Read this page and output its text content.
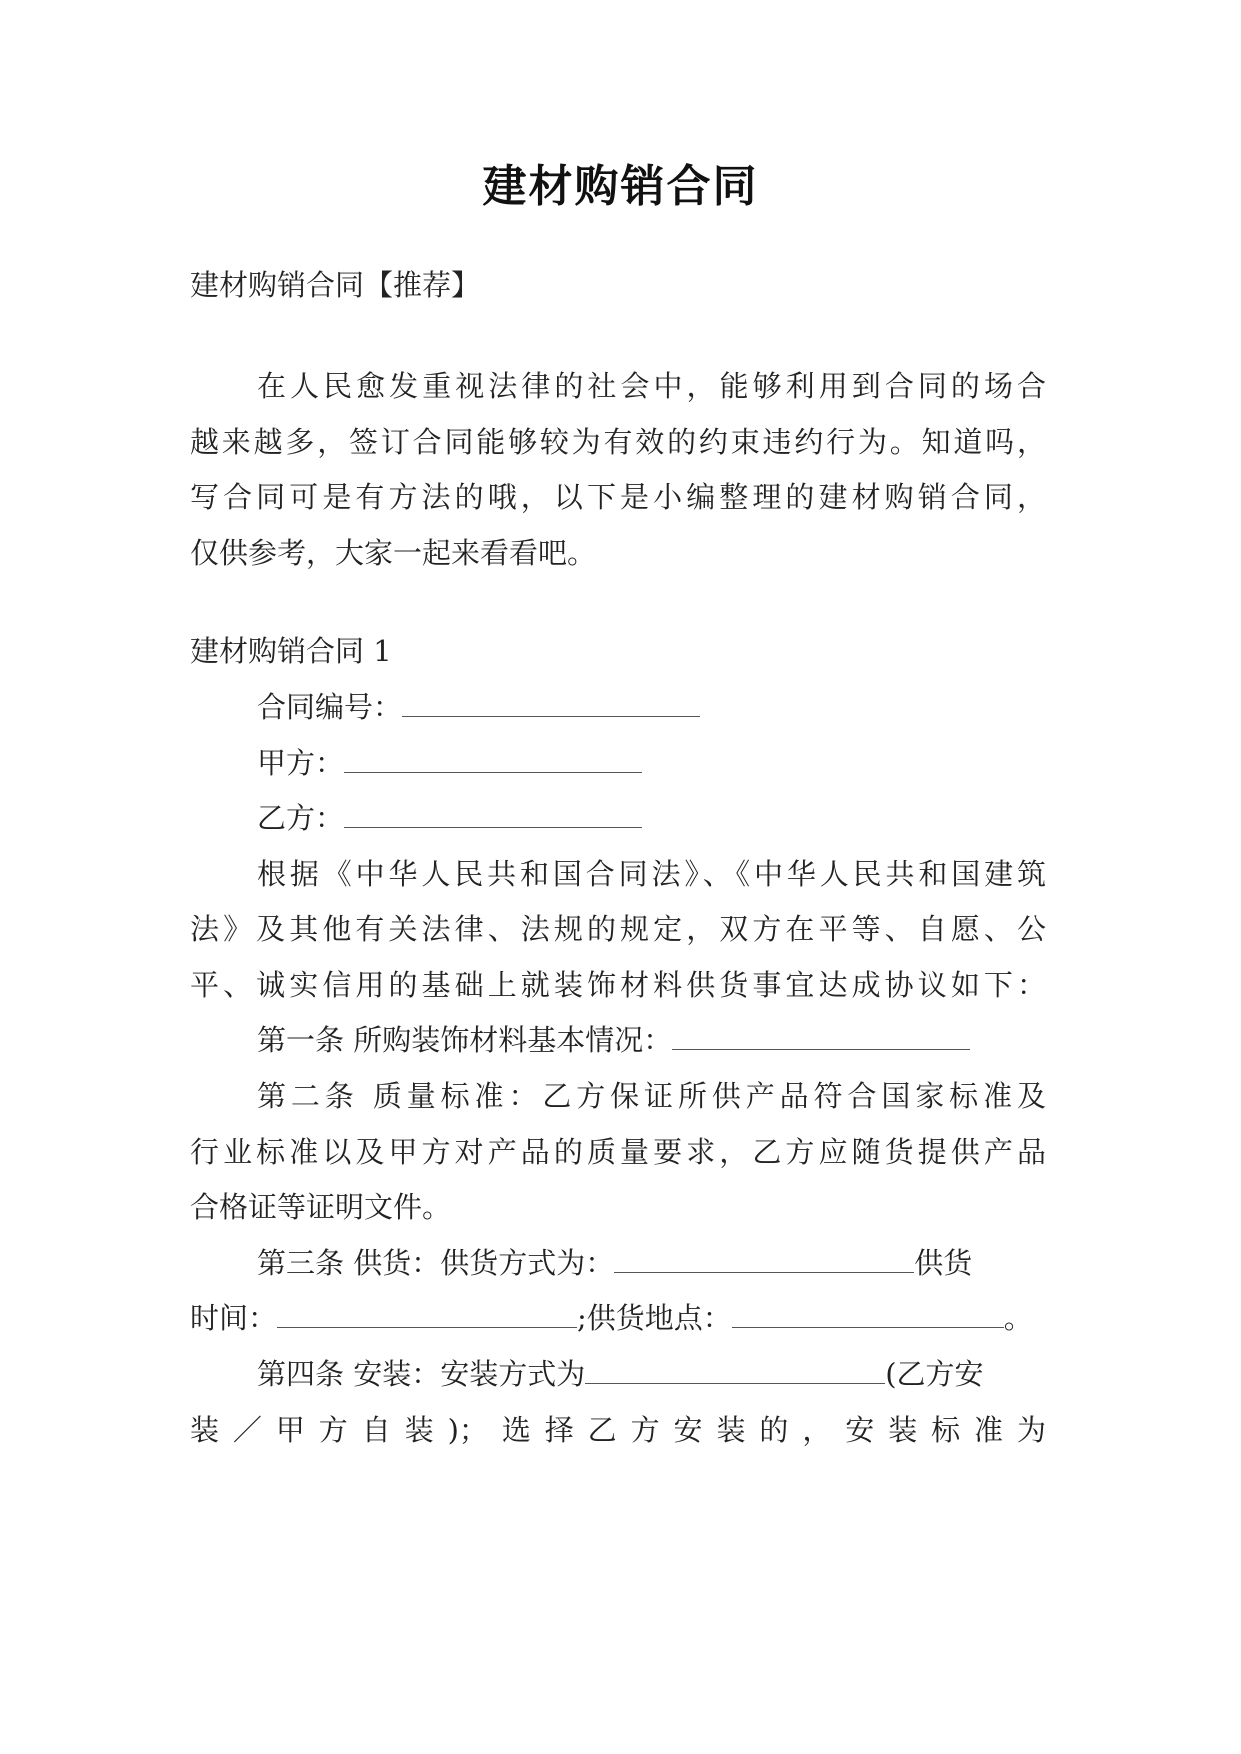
建材购销合同
建材购销合同【推荐】
在人民愈发重视法律的社会中，能够利用到合同的场合
越来越多，签订合同能够较为有效的约束违约行为。知道吗，
写合同可是有方法的哦，以下是小编整理的建材购销合同，
仅供参考，大家一起来看看吧。
建材购销合同 1
合同编号：
甲方：
乙方：
根据《中华人民共和国合同法》、《中华人民共和国建筑
法》及其他有关法律、法规的规定，双方在平等、自愿、公
平、诚实信用的基础上就装饰材料供货事宜达成协议如下：
第一条 所购装饰材料基本情况：
第二条 质量标准：乙方保证所供产品符合国家标准及
行业标准以及甲方对产品的质量要求，乙方应随货提供产品
合格证等证明文件。
第三条 供货：供货方式为：	供货
时间：	;供货地点：	。
第四条 安装：安装方式为	(乙方安
装／甲方自装)；选择乙方安装的，安装标准为
